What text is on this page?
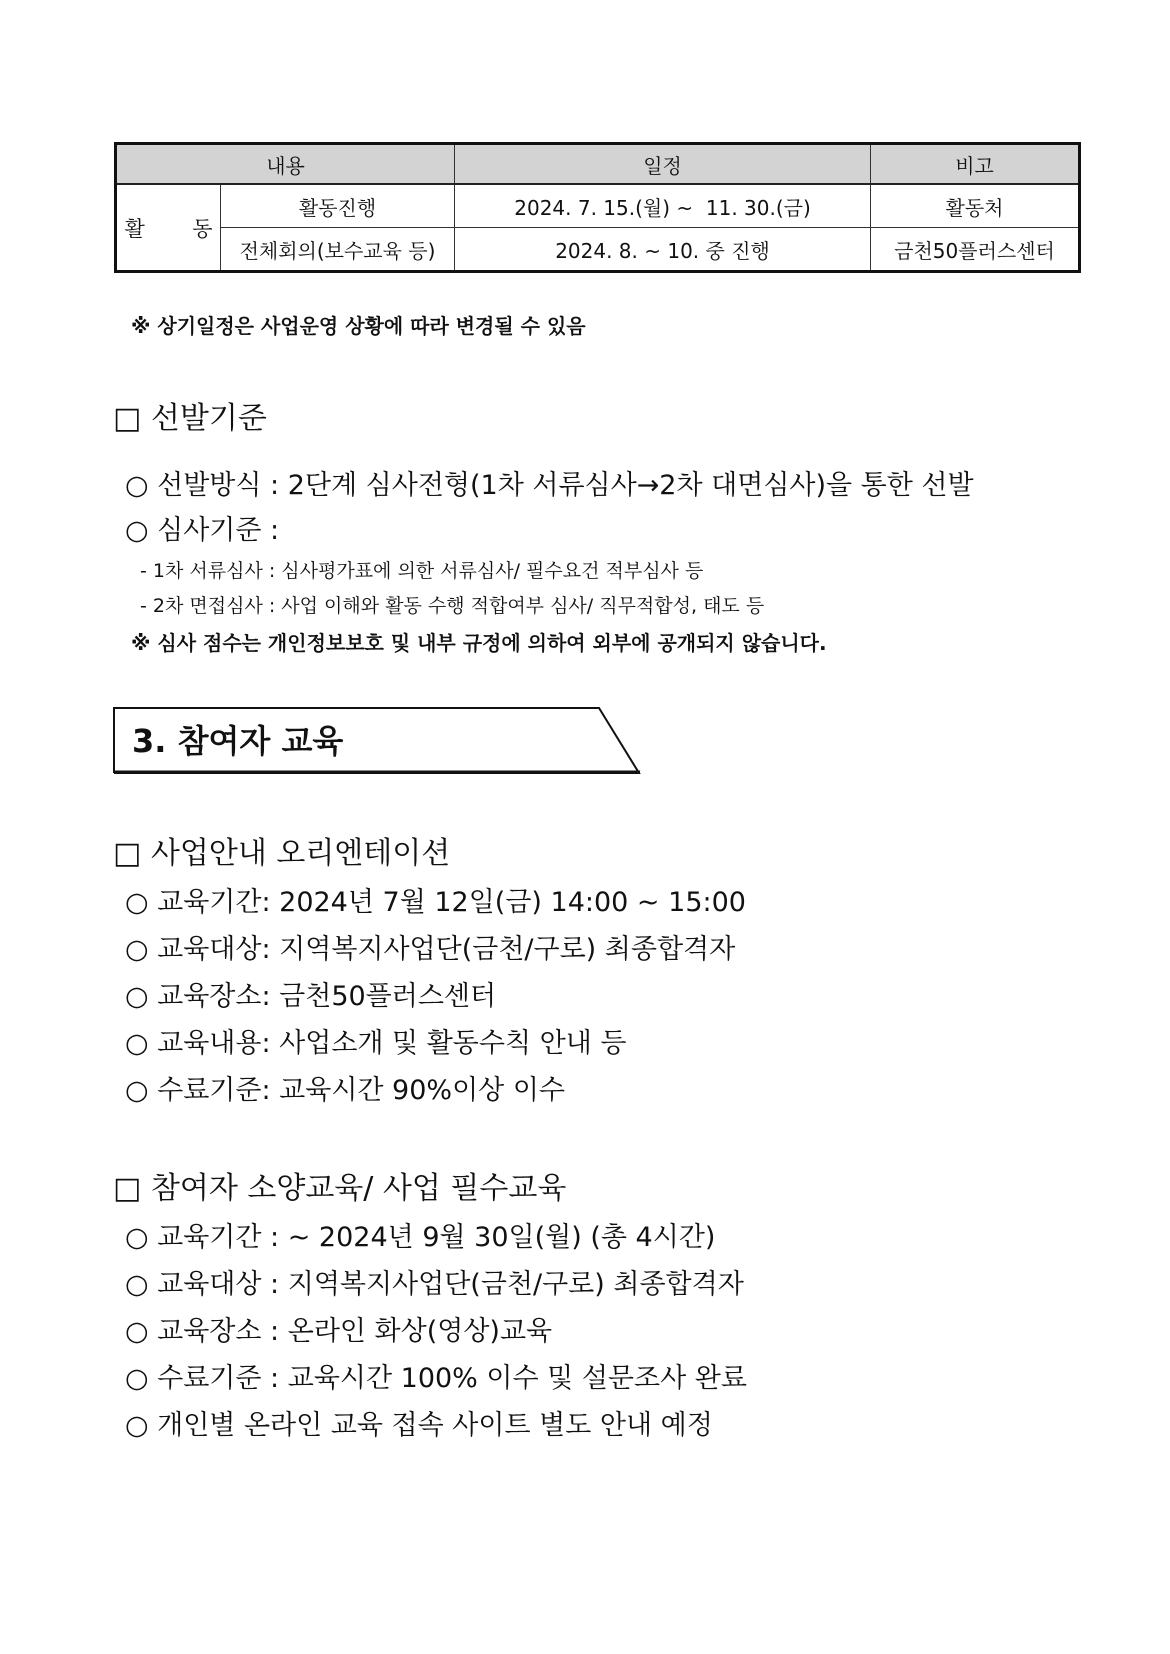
내용		일정	비고
활 동	활동진행	2024. 7. 15.(월) ~  11. 30.(금)	활동처
	전체회의(보수교육 등)	2024. 8. ~ 10. 중 진행	금천50플러스센터
※ 상기일정은 사업운영 상황에 따라 변경될 수 있음
□ 선발기준
○ 선발방식 : 2단계 심사전형(1차 서류심사→2차 대면심사)을 통한 선발
○ 심사기준 :
- 1차 서류심사 : 심사평가표에 의한 서류심사/ 필수요건 적부심사 등
- 2차 면접심사 : 사업 이해와 활동 수행 적합여부 심사/ 직무적합성, 태도 등
※ 심사 점수는 개인정보보호 및 내부 규정에 의하여 외부에 공개되지 않습니다.
3. 참여자 교육
□ 사업안내 오리엔테이션
○ 교육기간: 2024년 7월 12일(금) 14:00 ~ 15:00
○ 교육대상: 지역복지사업단(금천/구로) 최종합격자
○ 교육장소: 금천50플러스센터
○ 교육내용: 사업소개 및 활동수칙 안내 등
○ 수료기준: 교육시간 90%이상 이수
□ 참여자 소양교육/ 사업 필수교육
○ 교육기간 : ~ 2024년 9월 30일(월) (총 4시간)
○ 교육대상 : 지역복지사업단(금천/구로) 최종합격자
○ 교육장소 : 온라인 화상(영상)교육
○ 수료기준 : 교육시간 100% 이수 및 설문조사 완료
○ 개인별 온라인 교육 접속 사이트 별도 안내 예정
